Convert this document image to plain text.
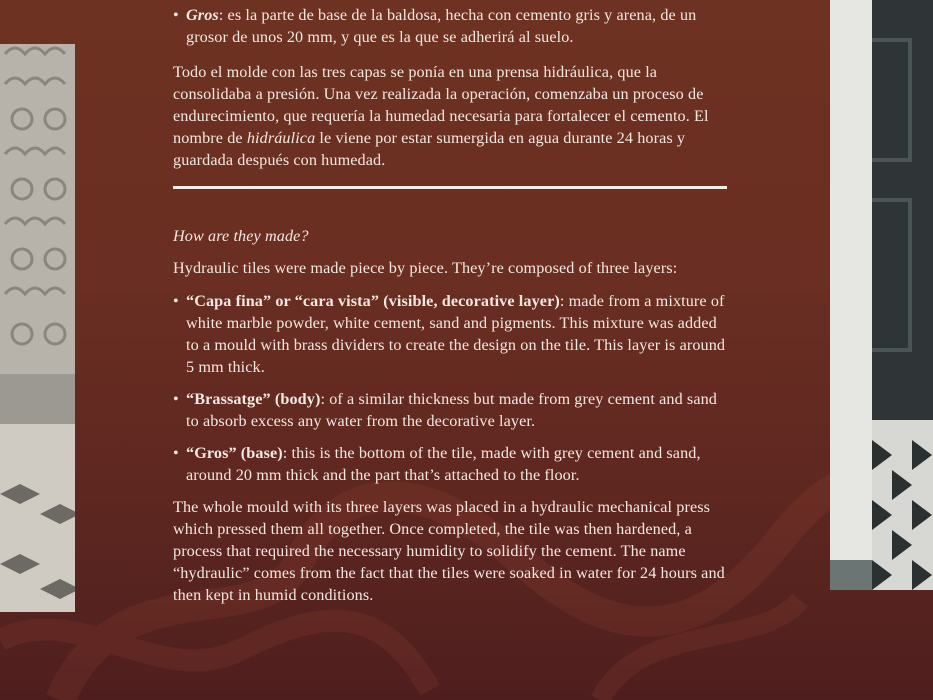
• Gros: es la parte de base de la baldosa, hecha con cemento gris y arena, de un grosor de unos 20 mm, y que es la que se adherirá al suelo.

Todo el molde con las tres capas se ponía en una prensa hidráulica, que la consolidaba a presión. Una vez realizada la operación, comenzaba un proceso de endurecimiento, que requería la humedad necesaria para fortalecer el cemento. El nombre de hidráulica le viene por estar sumergida en agua durante 24 horas y guardada después con humedad.

How are they made?

Hydraulic tiles were made piece by piece. They’re composed of three layers:

• “Capa fina” or “cara vista” (visible, decorative layer): made from a mixture of white marble powder, white cement, sand and pigments. This mixture was added to a mould with brass dividers to create the design on the tile. This layer is around 5 mm thick.

• “Brassatge” (body): of a similar thickness but made from grey cement and sand to absorb excess any water from the decorative layer.

• “Gros” (base): this is the bottom of the tile, made with grey cement and sand, around 20 mm thick and the part that’s attached to the floor.

The whole mould with its three layers was placed in a hydraulic mechanical press which pressed them all together. Once completed, the tile was then hardened, a process that required the necessary humidity to solidify the cement. The name “hydraulic” comes from the fact that the tiles were soaked in water for 24 hours and then kept in humid conditions.
